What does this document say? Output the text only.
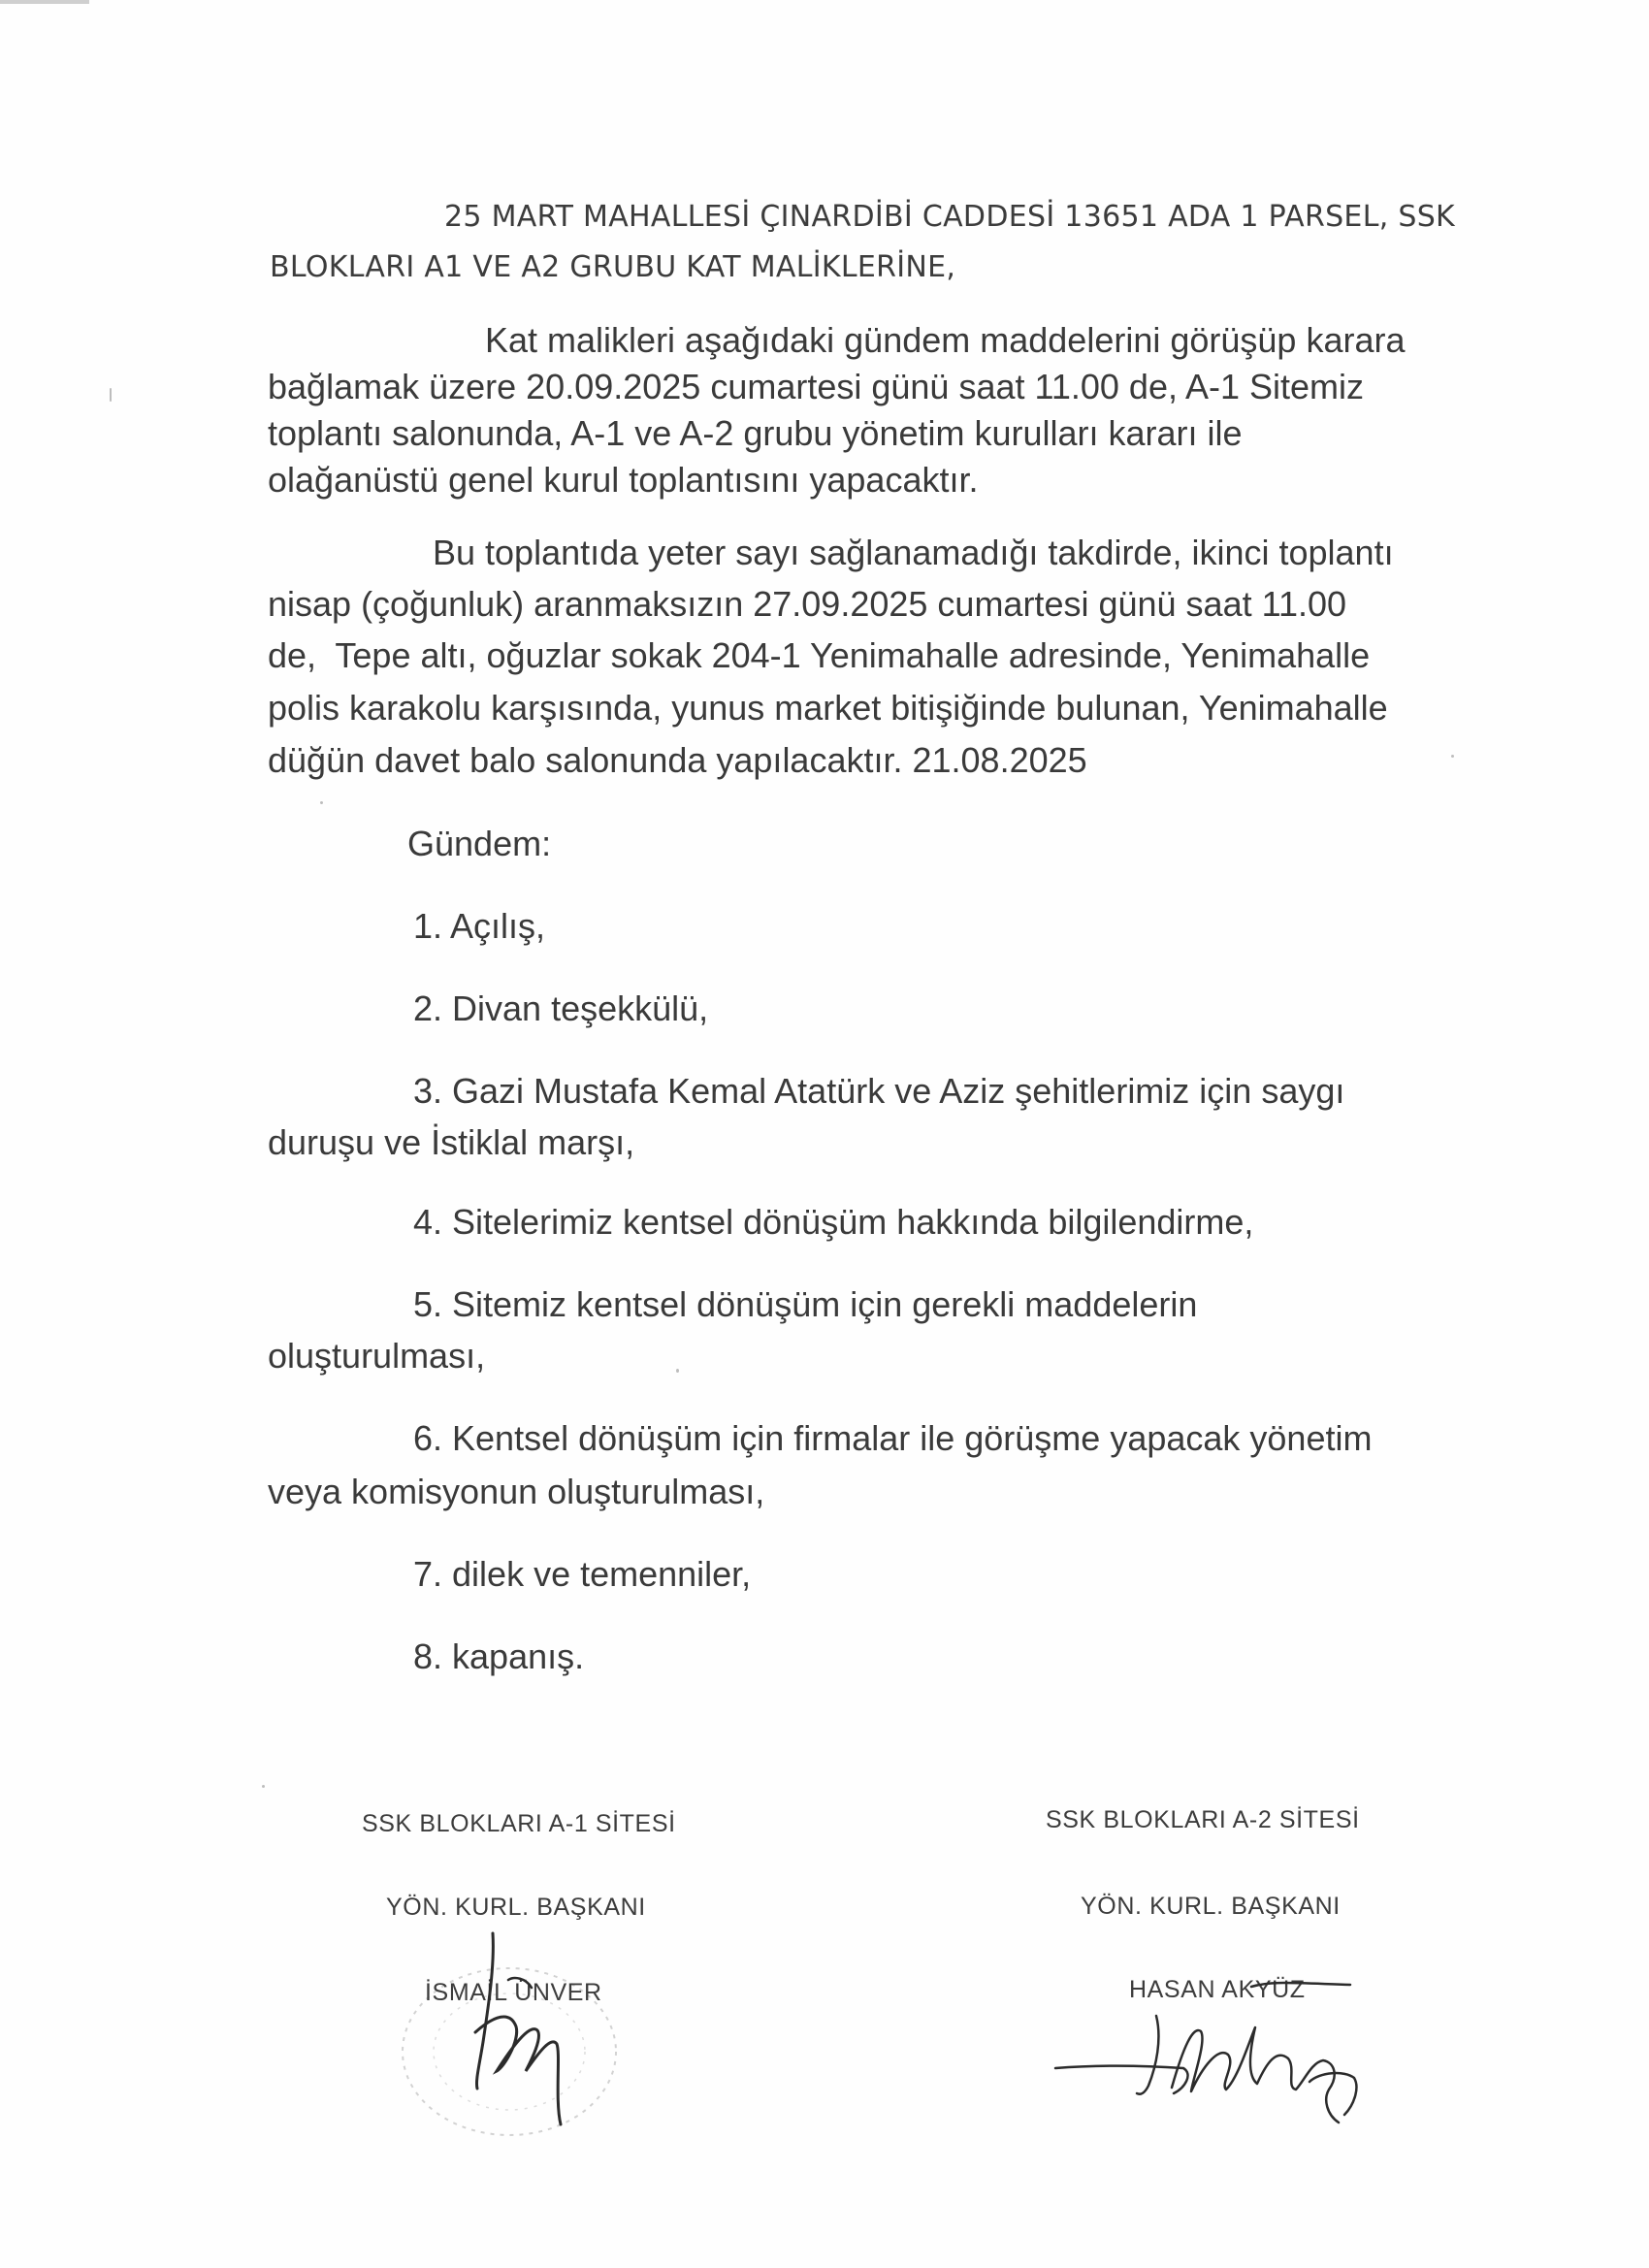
25 MART MAHALLESİ ÇINARDİBİ CADDESİ 13651 ADA 1 PARSEL, SSK
BLOKLARI A1 VE A2 GRUBU KAT MALİKLERİNE,
Kat malikleri aşağıdaki gündem maddelerini görüşüp karara
bağlamak üzere 20.09.2025 cumartesi günü saat 11.00 de, A-1 Sitemiz
toplantı salonunda, A-1 ve A-2 grubu yönetim kurulları kararı ile
olağanüstü genel kurul toplantısını yapacaktır.
Bu toplantıda yeter sayı sağlanamadığı takdirde, ikinci toplantı
nisap (çoğunluk) aranmaksızın 27.09.2025 cumartesi günü saat 11.00
de,  Tepe altı, oğuzlar sokak 204-1 Yenimahalle adresinde, Yenimahalle
polis karakolu karşısında, yunus market bitişiğinde bulunan, Yenimahalle
düğün davet balo salonunda yapılacaktır. 21.08.2025
Gündem:
1. Açılış,
2. Divan teşekkülü,
3. Gazi Mustafa Kemal Atatürk ve Aziz şehitlerimiz için saygı
duruşu ve İstiklal marşı,
4. Sitelerimiz kentsel dönüşüm hakkında bilgilendirme,
5. Sitemiz kentsel dönüşüm için gerekli maddelerin
oluşturulması,
6. Kentsel dönüşüm için firmalar ile görüşme yapacak yönetim
veya komisyonun oluşturulması,
7. dilek ve temenniler,
8. kapanış.
SSK BLOKLARI A-1 SİTESİ
YÖN. KURL. BAŞKANI
İSMAİL ÜNVER
SSK BLOKLARI A-2 SİTESİ
YÖN. KURL. BAŞKANI
HASAN AKYÜZ
